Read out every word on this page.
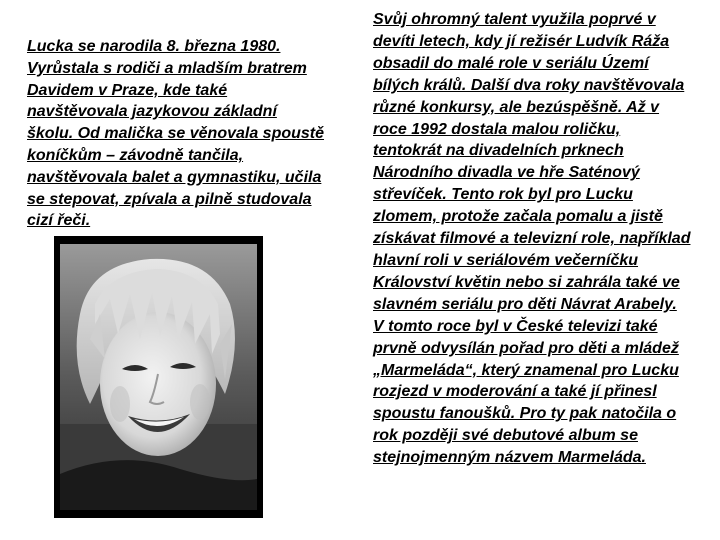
Lucka se narodila 8. března 1980. Vyrůstala s rodiči a mladším bratrem Davidem v Praze, kde také navštěvovala jazykovou základní školu. Od malička se věnovala spoustě koníčkům – závodně tančila, navštěvovala balet a gymnastiku, učila se stepovat, zpívala a pilně studovala cizí řeči.

Svůj ohromný talent využila poprvé v devíti letech, kdy jí režisér Ludvík Ráža obsadil do malé role v seriálu Území bílých králů. Další dva roky navštěvovala různé konkursy, ale bezúspěšně. Až v roce 1992 dostala malou roličku, tentokrát na divadelních prknech Národního divadla ve hře Saténový střevíček. Tento rok byl pro Lucku zlomem, protože začala pomalu a jistě získávat filmové a televizní role, například hlavní roli v seriálovém večerníčku Království květin nebo si zahrála také ve slavném seriálu pro děti Návrat Arabely. V tomto roce byl v České televizi také prvně odvysílán pořad pro děti a mládež „Marmeláda“, který znamenal pro Lucku rozjezd v moderování a také jí přinesl spoustu fanoušků. Pro ty pak natočila o rok později své debutové album se stejnojmenným názvem Marmeláda.
